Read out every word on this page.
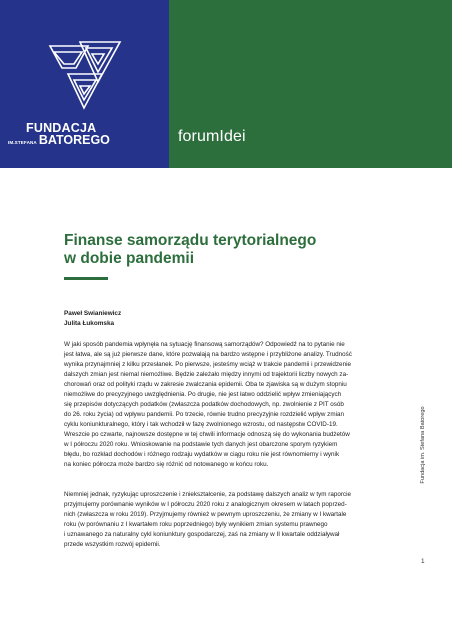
FUNDACJA
IM.STEFANA BATOREGO	forumIdei
Finanse samorządu terytorialnego
w dobie pandemii
Paweł Swianiewicz
Julita Łukomska
W jaki sposób pandemia wpłynęła na sytuację finansową samorządów? Odpowiedź na to pytanie nie
jest łatwa, ale są już pierwsze dane, które pozwalają na bardzo wstępne i przybliżone analizy. Trudność
wynika przynajmniej z kilku przesłanek. Po pierwsze, jesteśmy wciąż w trakcie pandemii i przewidzenie
dalszych zmian jest niemal niemożliwe. Będzie zależało między innymi od trajektorii liczby nowych za-
chorowań oraz od polityki rządu w zakresie zwalczania epidemii. Oba te zjawiska są w dużym stopniu
niemożliwe do precyzyjnego uwzględnienia. Po drugie, nie jest łatwo oddzielić wpływ zmieniających
się przepisów dotyczących podatków (zwłaszcza podatków dochodowych, np. zwolnienie z PIT osób
do 26. roku życia) od wpływu pandemii. Po trzecie, równie trudno precyzyjnie rozdzielić wpływ zmian
cyklu koniunkturalnego, który i tak wchodził w fazę zwolnionego wzrostu, od następstw COVID-19.
Wreszcie po czwarte, najnowsze dostępne w tej chwili informacje odnoszą się do wykonania budżetów
w I półroczu 2020 roku. Wnioskowanie na podstawie tych danych jest obarczone sporym ryzykiem
błędu, bo rozkład dochodów i różnego rodzaju wydatków w ciągu roku nie jest równomierny i wynik
na koniec półrocza może bardzo się różnić od notowanego w końcu roku.
Niemniej jednak, ryzykując uproszczenie i zniekształcenie, za podstawę dalszych analiz w tym raporcie
przyjmujemy porównanie wyników w I półroczu 2020 roku z analogicznym okresem w latach poprzed-
nich (zwłaszcza w roku 2019). Przyjmujemy również w pewnym uproszczeniu, że zmiany w I kwartale
roku (w porównaniu z I kwartałem roku poprzedniego) były wynikiem zmian systemu prawnego
i uznawanego za naturalny cykl koniunktury gospodarczej, zaś na zmiany w II kwartale oddziaływał
przede wszystkim rozwój epidemii.
Fundacja im. Stefana Batorego
1
